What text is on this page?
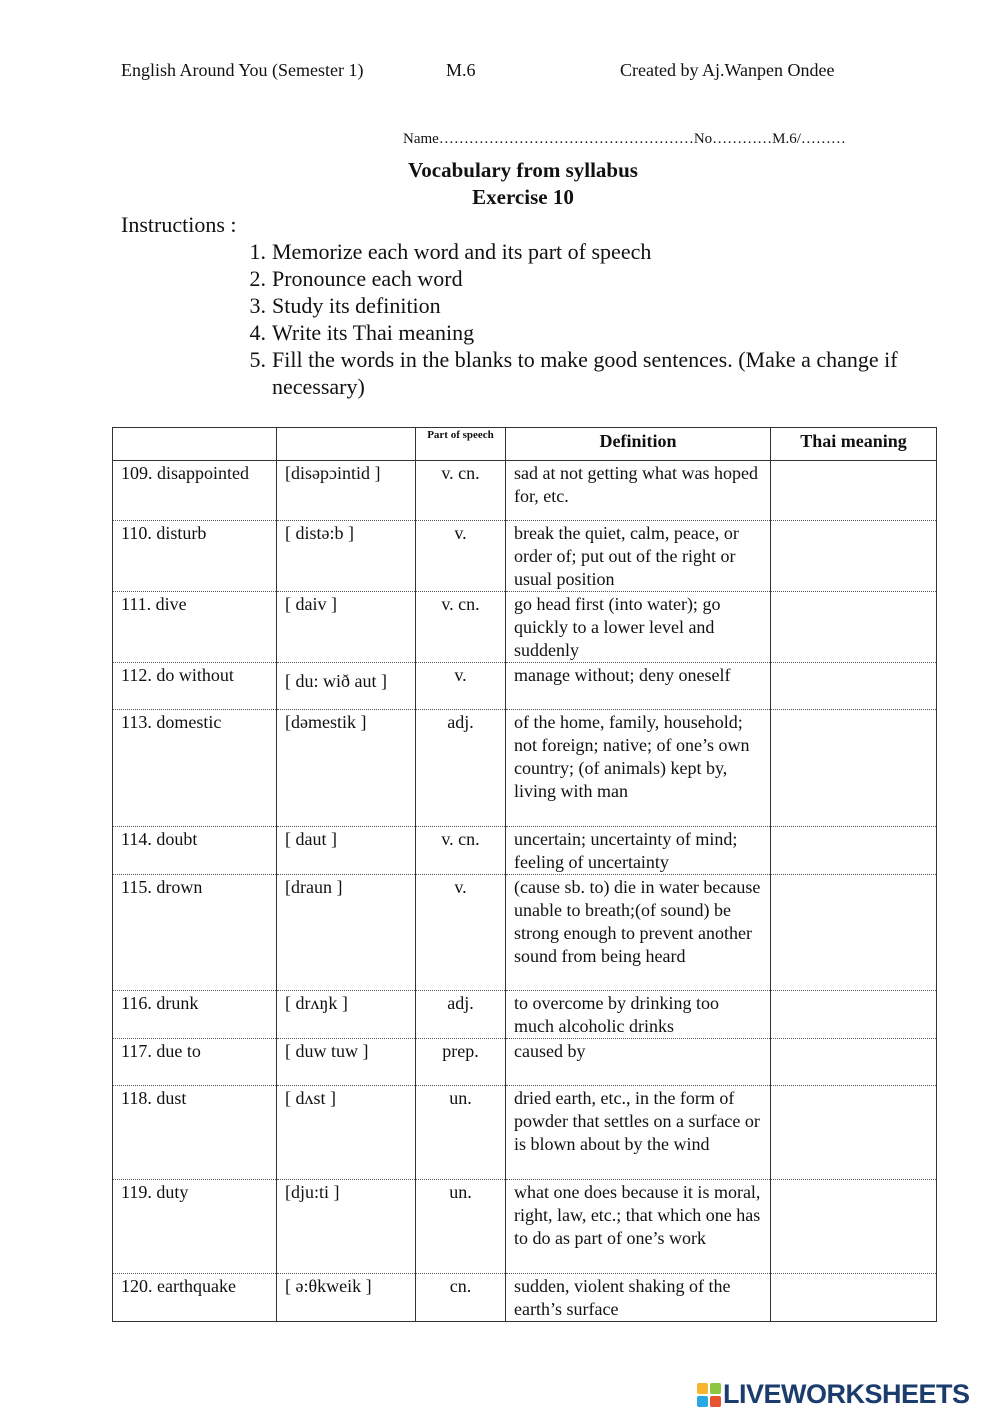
English Around You (Semester 1)	M.6	Created by Aj.Wanpen Ondee
Name……………………………………………No…………M.6/………
Vocabulary from syllabus
Exercise 10
Instructions :
1. Memorize each word and its part of speech
2. Pronounce each word
3. Study its definition
4. Write its Thai meaning
5. Fill the words in the blanks to make good sentences. (Make a change if necessary)
		Part of speech	Definition	Thai meaning
109. disappointed	[disəpɔintid ]	v. cn.	sad at not getting what was hoped for, etc.	
110. disturb	[ distə:b ]	v.	break the quiet, calm, peace, or order of; put out of the right or usual position	
111. dive	[ daiv ]	v. cn.	go head first (into water); go quickly to a lower level and suddenly	
112. do without	[ du: wið aut ]	v.	manage without; deny oneself	
113. domestic	[dəmestik ]	adj.	of the home, family, household; not foreign; native; of one’s own country; (of animals) kept by, living with man	
114. doubt	[ daut ]	v. cn.	uncertain; uncertainty of mind; feeling of uncertainty	
115. drown	[draun ]	v.	(cause sb. to) die in water because unable to breath;(of sound) be strong enough to prevent another sound from being heard	
116. drunk	[ drʌŋk ]	adj.	to overcome by drinking too much alcoholic drinks	
117. due to	[ duw tuw ]	prep.	caused by	
118. dust	[ dʌst ]	un.	dried earth, etc., in the form of powder that settles on a surface or is blown about by the wind	
119. duty	[dju:ti ]	un.	what one does because it is moral, right, law, etc.; that which one has to do as part of one’s work	
120. earthquake	[ ə:θkweik ]	cn.	sudden, violent shaking of the earth’s surface	
LIVEWORKSHEETS
